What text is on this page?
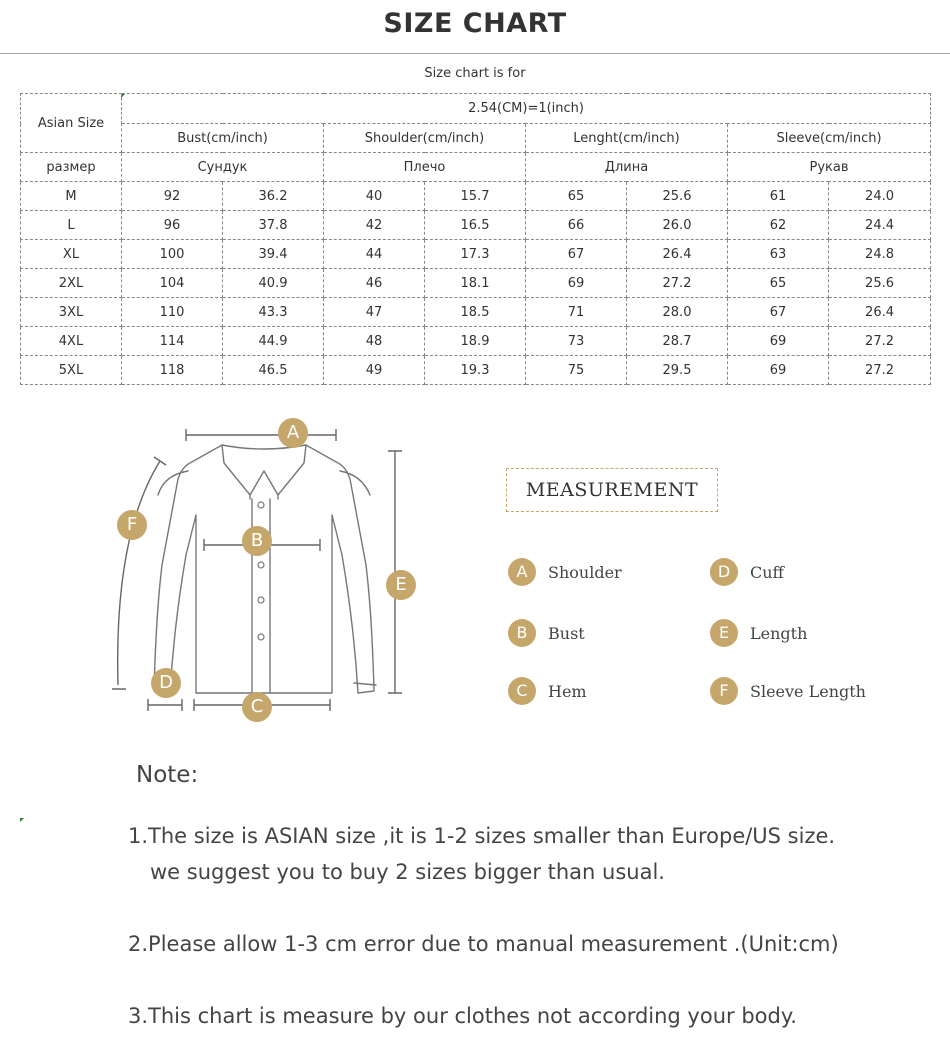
SIZE CHART
Size chart is for
Asian Size	2.54(CM)=1(inch)							
	Bust(cm/inch)		Shoulder(cm/inch)		Lenght(cm/inch)		Sleeve(cm/inch)	
размер	Сундук		Плечо		Длина		Рукав	
M	92	36.2	40	15.7	65	25.6	61	24.0
L	96	37.8	42	16.5	66	26.0	62	24.4
XL	100	39.4	44	17.3	67	26.4	63	24.8
2XL	104	40.9	46	18.1	69	27.2	65	25.6
3XL	110	43.3	47	18.5	71	28.0	67	26.4
4XL	114	44.9	48	18.9	73	28.7	69	27.2
5XL	118	46.5	49	19.3	75	29.5	69	27.2
A
B
C
D
E
F
MEASUREMENT
A	Shoulder	D	Cuff
B	Bust	E	Length
C	Hem	F	Sleeve Length
Note:
1.The size is ASIAN size ,it is 1-2 sizes smaller than Europe/US size.
we suggest you to buy 2 sizes bigger than usual.
2.Please allow 1-3 cm error due to manual measurement .(Unit:cm)
3.This chart is measure by our clothes not according your body.
